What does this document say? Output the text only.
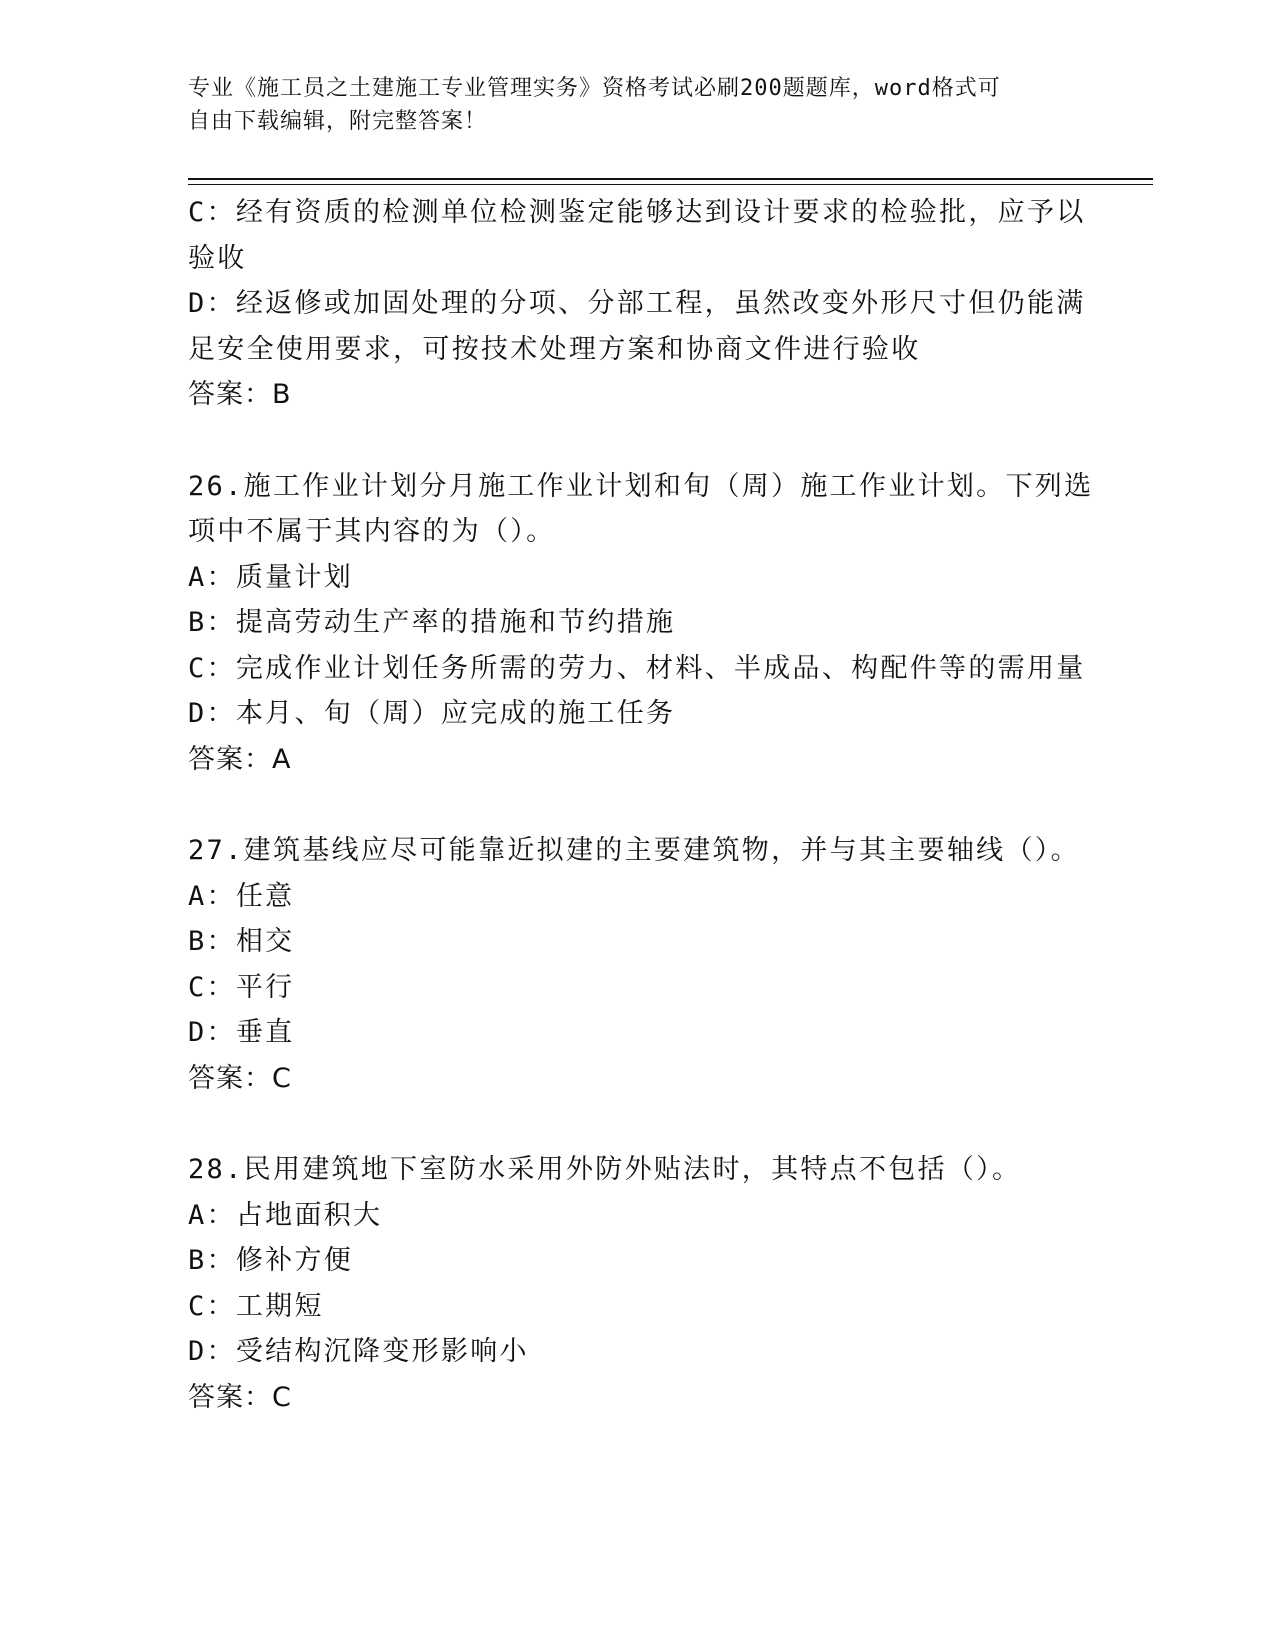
专业《施工员之土建施工专业管理实务》资格考试必刷200题题库，word格式可
自由下载编辑，附完整答案！
C：经有资质的检测单位检测鉴定能够达到设计要求的检验批，应予以
验收
D：经返修或加固处理的分项、分部工程，虽然改变外形尺寸但仍能满
足安全使用要求，可按技术处理方案和协商文件进行验收
答案：B
26.施工作业计划分月施工作业计划和旬（周）施工作业计划。下列选
项中不属于其内容的为（）。
A：质量计划
B：提高劳动生产率的措施和节约措施
C：完成作业计划任务所需的劳力、材料、半成品、构配件等的需用量
D：本月、旬（周）应完成的施工任务
答案：A
27.建筑基线应尽可能靠近拟建的主要建筑物，并与其主要轴线（）。
A：任意
B：相交
C：平行
D：垂直
答案：C
28.民用建筑地下室防水采用外防外贴法时，其特点不包括（）。
A：占地面积大
B：修补方便
C：工期短
D：受结构沉降变形影响小
答案：C
